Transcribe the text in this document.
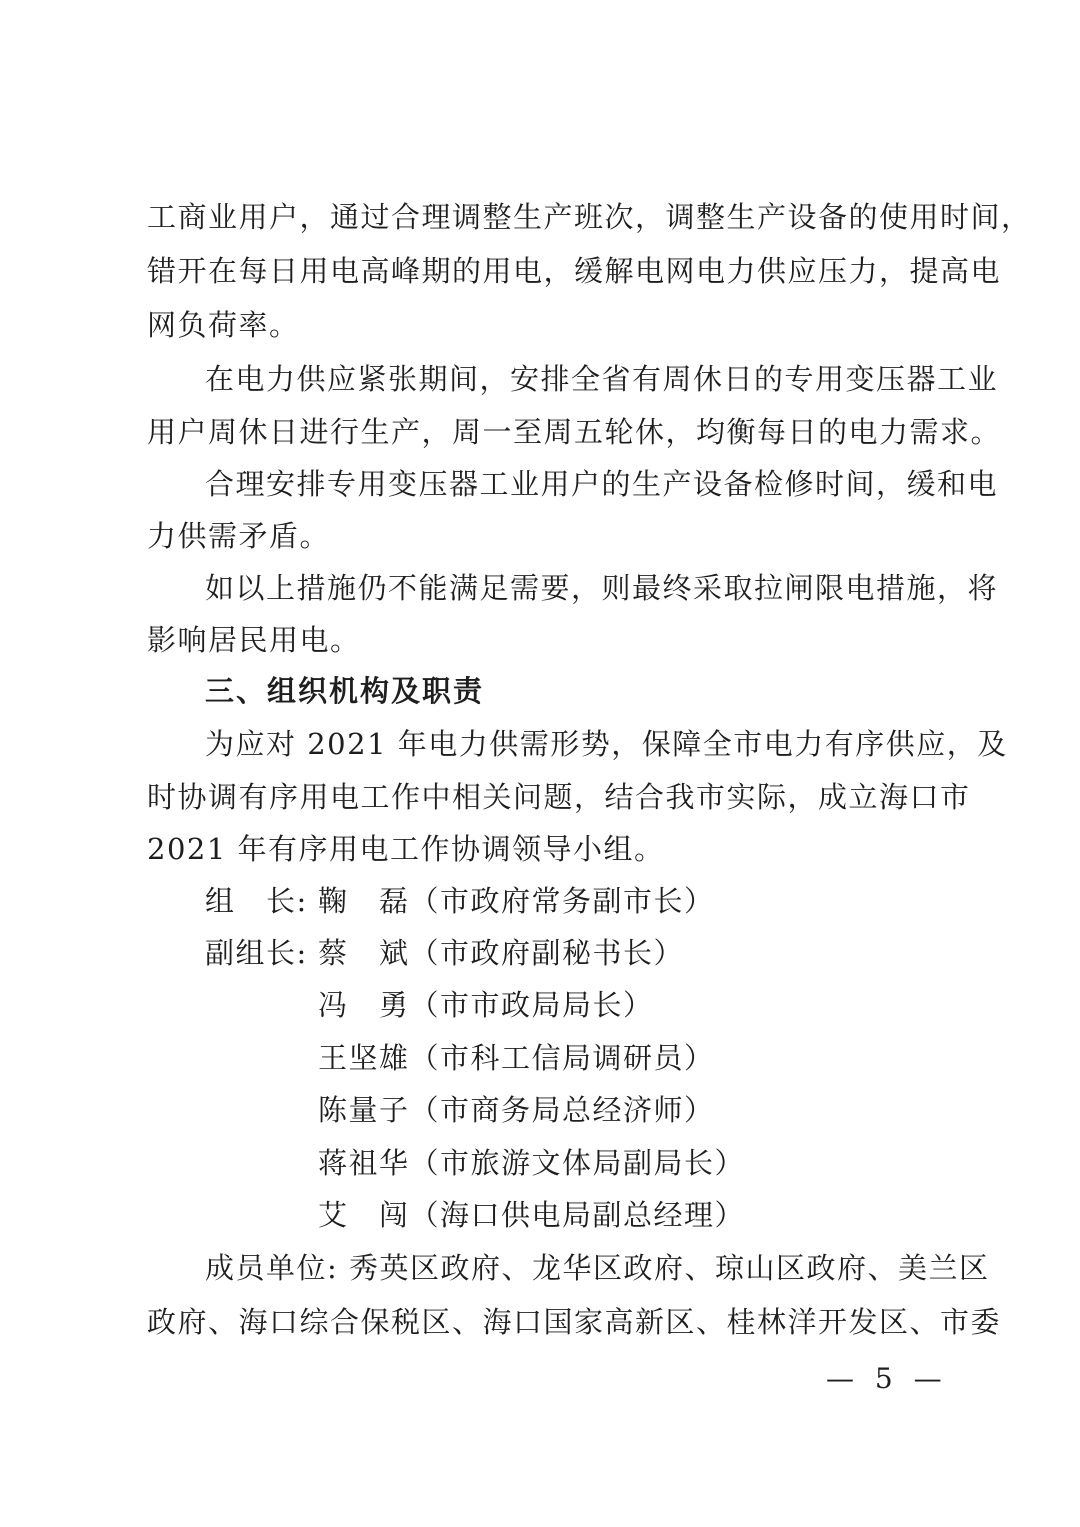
工商业用户，通过合理调整生产班次，调整生产设备的使用时间，
错开在每日用电高峰期的用电，缓解电网电力供应压力，提高电
网负荷率。
在电力供应紧张期间，安排全省有周休日的专用变压器工业
用户周休日进行生产，周一至周五轮休，均衡每日的电力需求。
合理安排专用变压器工业用户的生产设备检修时间，缓和电
力供需矛盾。
如以上措施仍不能满足需要，则最终采取拉闸限电措施，将
影响居民用电。
三、组织机构及职责
为应对 2021 年电力供需形势，保障全市电力有序供应，及
时协调有序用电工作中相关问题，结合我市实际，成立海口市
2021 年有序用电工作协调领导小组。
组　长: 鞠　磊（市政府常务副市长）
副组长: 蔡　斌（市政府副秘书长）
冯　勇（市市政局局长）
王坚雄（市科工信局调研员）
陈量子（市商务局总经济师）
蒋祖华（市旅游文体局副局长）
艾　闯（海口供电局副总经理）
成员单位: 秀英区政府、龙华区政府、琼山区政府、美兰区
政府、海口综合保税区、海口国家高新区、桂林洋开发区、市委
— 5 —
